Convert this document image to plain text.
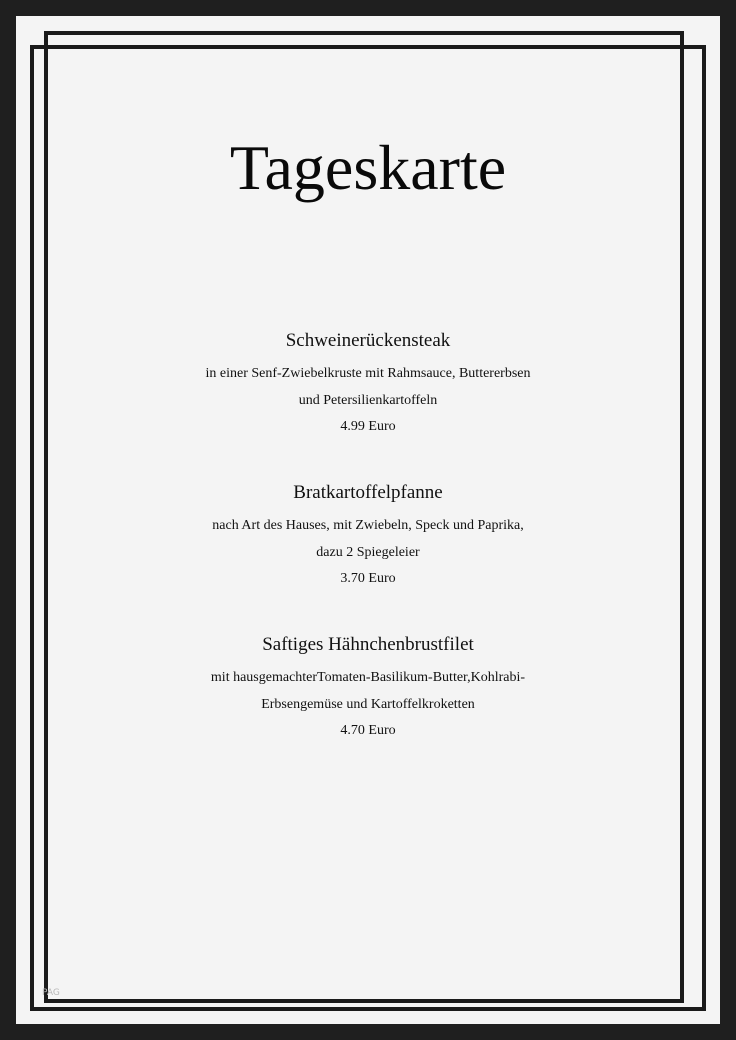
Tageskarte

Schweinerückensteak

in einer Senf-Zwiebelkruste mit Rahmsauce, Buttererbsen

und Petersilienkartoffeln

4.99 Euro

Bratkartoffelpfanne

nach Art des Hauses, mit Zwiebeln, Speck und Paprika,

dazu 2 Spiegeleier

3.70 Euro

Saftiges Hähnchenbrustfilet

mit hausgemachterTomaten-Basilikum-Butter,Kohlrabi-

Erbsengemüse und Kartoffelkroketten

4.70 Euro

PAG
